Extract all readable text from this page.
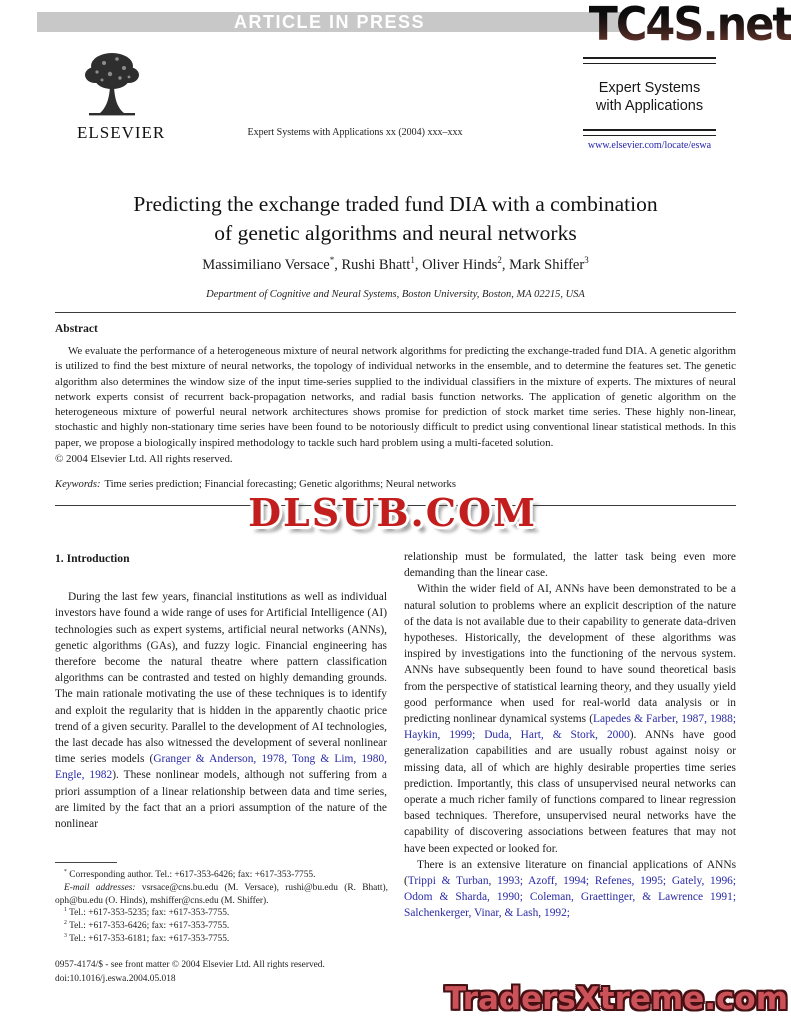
ARTICLE IN PRESS	TC4S.net
ELSEVIER	Expert Systems with Applications xx (2004) xxx–xxx
Expert Systems
with Applications
www.elsevier.com/locate/eswa
Predicting the exchange traded fund DIA with a combination
of genetic algorithms and neural networks
Massimiliano Versace*, Rushi Bhatt$^1$, Oliver Hinds$^2$, Mark Shiffer$^3$
Department of Cognitive and Neural Systems, Boston University, Boston, MA 02215, USA
Abstract

We evaluate the performance of a heterogeneous mixture of neural network algorithms for predicting the exchange-traded fund DIA. A genetic algorithm is utilized to find the best mixture of neural networks, the topology of individual networks in the ensemble, and to determine the features set. The genetic algorithm also determines the window size of the input time-series supplied to the individual classifiers in the mixture of experts. The mixtures of neural network experts consist of recurrent back-propagation networks, and radial basis function networks. The application of genetic algorithm on the heterogeneous mixture of powerful neural network architectures shows promise for prediction of stock market time series. These highly non-linear, stochastic and highly non-stationary time series have been found to be notoriously difficult to predict using conventional linear statistical methods. In this paper, we propose a biologically inspired methodology to tackle such hard problem using a multi-faceted solution.

© 2004 Elsevier Ltd. All rights reserved.

Keywords: Time series prediction; Financial forecasting; Genetic algorithms; Neural networks
DLSUB.COM
1. Introduction

During the last few years, financial institutions as well as individual investors have found a wide range of uses for Artificial Intelligence (AI) technologies such as expert systems, artificial neural networks (ANNs), genetic algorithms (GAs), and fuzzy logic. Financial engineering has therefore become the natural theatre where pattern classification algorithms can be contrasted and tested on highly demanding grounds. The main rationale motivating the use of these techniques is to identify and exploit the regularity that is hidden in the apparently chaotic price trend of a given security. Parallel to the development of AI technologies, the last decade has also witnessed the development of several nonlinear time series models (Granger & Anderson, 1978, Tong & Lim, 1980, Engle, 1982). These nonlinear models, although not suffering from a priori assumption of a linear relationship between data and time series, are limited by the fact that an a priori assumption of the nature of the nonlinear

relationship must be formulated, the latter task being even more demanding than the linear case.

Within the wider field of AI, ANNs have been demonstrated to be a natural solution to problems where an explicit description of the nature of the data is not available due to their capability to generate data-driven hypotheses. Historically, the development of these algorithms was inspired by investigations into the functioning of the nervous system. ANNs have subsequently been found to have sound theoretical basis from the perspective of statistical learning theory, and they usually yield good performance when used for real-world data analysis or in predicting nonlinear dynamical systems (Lapedes & Farber, 1987, 1988; Haykin, 1999; Duda, Hart, & Stork, 2000). ANNs have good generalization capabilities and are usually robust against noisy or missing data, all of which are highly desirable properties time series prediction. Importantly, this class of unsupervised neural networks can operate a much richer family of functions compared to linear regression based techniques. Therefore, unsupervised neural networks have the capability of discovering associations between features that may not have been expected or looked for.

There is an extensive literature on financial applications of ANNs (Trippi & Turban, 1993; Azoff, 1994; Refenes, 1995; Gately, 1996; Odom & Sharda, 1990; Coleman, Graettinger, & Lawrence 1991; Salchenkerger, Vinar, & Lash, 1992;

* Corresponding author. Tel.: +617-353-6426; fax: +617-353-7755.

E-mail addresses: vsrsace@cns.bu.edu (M. Versace), rushi@bu.edu (R. Bhatt), oph@bu.edu (O. Hinds), mshiffer@cns.edu (M. Shiffer).

$^1$ Tel.: +617-353-5235; fax: +617-353-7755.

$^2$ Tel.: +617-353-6426; fax: +617-353-7755.

$^3$ Tel.: +617-353-6181; fax: +617-353-7755.

0957-4174/$ - see front matter © 2004 Elsevier Ltd. All rights reserved.

doi:10.1016/j.eswa.2004.05.018

TradersXtreme.com
